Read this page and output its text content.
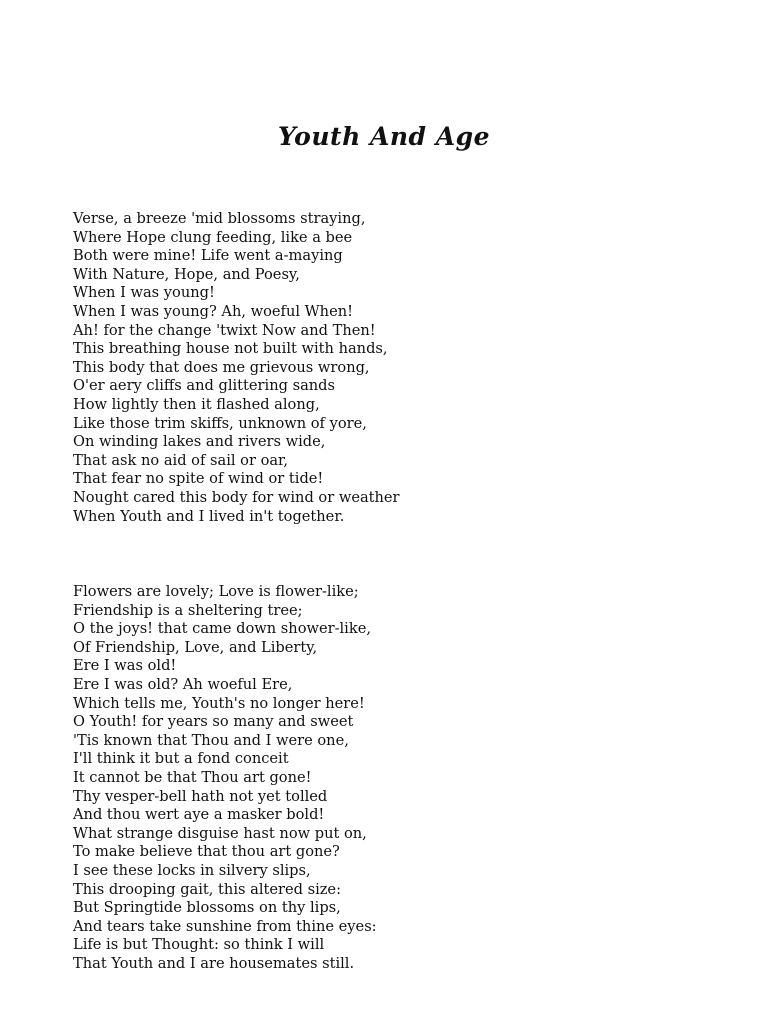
Youth And Age
Verse, a breeze 'mid blossoms straying,
Where Hope clung feeding, like a bee
Both were mine! Life went a-maying
With Nature, Hope, and Poesy,
When I was young!
When I was young? Ah, woeful When!
Ah! for the change 'twixt Now and Then!
This breathing house not built with hands,
This body that does me grievous wrong,
O'er aery cliffs and glittering sands
How lightly then it flashed along,
Like those trim skiffs, unknown of yore,
On winding lakes and rivers wide,
That ask no aid of sail or oar,
That fear no spite of wind or tide!
Nought cared this body for wind or weather
When Youth and I lived in't together.
Flowers are lovely; Love is flower-like;
Friendship is a sheltering tree;
O the joys! that came down shower-like,
Of Friendship, Love, and Liberty,
Ere I was old!
Ere I was old? Ah woeful Ere,
Which tells me, Youth's no longer here!
O Youth! for years so many and sweet
'Tis known that Thou and I were one,
I'll think it but a fond conceit
It cannot be that Thou art gone!
Thy vesper-bell hath not yet tolled
And thou wert aye a masker bold!
What strange disguise hast now put on,
To make believe that thou art gone?
I see these locks in silvery slips,
This drooping gait, this altered size:
But Springtide blossoms on thy lips,
And tears take sunshine from thine eyes:
Life is but Thought: so think I will
That Youth and I are housemates still.
